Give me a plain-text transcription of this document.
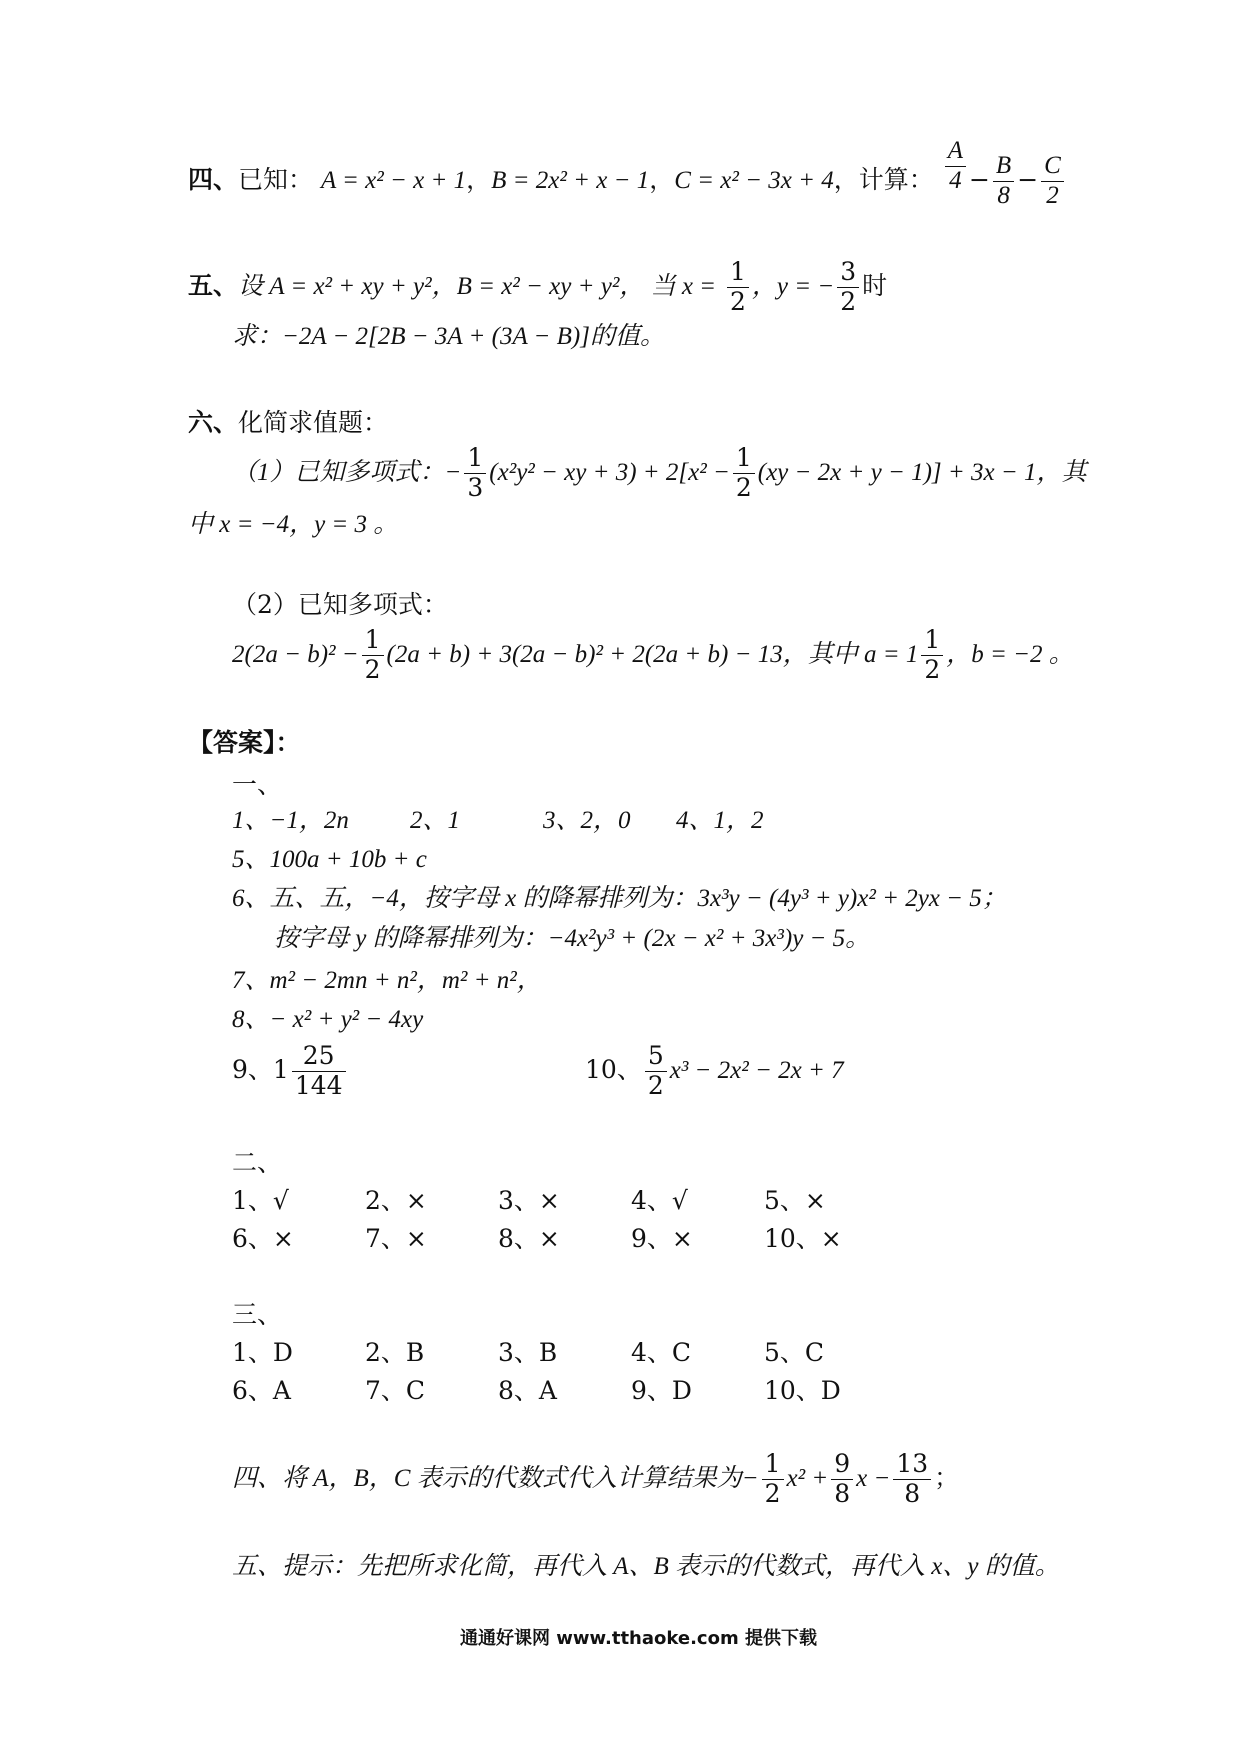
四、已知： A = x² − x + 1，B = 2x² + x − 1，C = x² − 3x + 4，计算： $\frac{A}{4} - \frac{B}{8} - \frac{C}{2}$
五、设 A = x² + xy + y²，B = x² − xy + y²， 当 $x = \frac{1}{2}$ ，y = − $\frac{3}{2}$ 时
求：−2A − 2[2B − 3A + (3A − B)]的值。
六、化简求值题：
（1）已知多项式：− $\frac{1}{3} (x^2y^2$ − xy + $3) + 2[x^2 - \frac{1}{2} (xy - 2x + y - 1)] + 3x - 1$，其
中 x = −4，y = 3 。
（2）已知多项式：
$2(2a - b)^2 - \frac{1}{2} (2a + b) + 3(2a - b)^2 + 2(2a + b) - 13$，其中 $a = 1 \frac{1}{2}$ ，b = −2 。
【答案】：
一、
1、−1，2n 2、1	3、2，0 4、1，2
5、100a + 10b + c
6、五、五，−4，按字母 x 的降幂排列为：3x³y − (4y³ + y)x² + 2yx − 5；
按字母 y 的降幂排列为：−4x²y³ + (2x − x² + 3x³)y − 5。
7、m² − 2mn + n²，m² + n²，
8、− x² + y² − 4xy
9、$1 \frac{25}{144}$	10、 $\frac{5}{2} x^3 - 2x^2 - 2x + 7$
二、
1、√	2、×	3、×	4、√	5、×
6、×	7、×	8、×	9、×	10、×
三、
1、D	2、B	3、B	4、C	5、C
6、A	7、C	8、A	9、D	10、D
四、将 A，B，C 表示的代数式代入计算结果为− $\frac{1}{2} x^2 + \frac{9}{8}$ $x - \frac{13}{8}$ ；
五、提示：先把所求化简，再代入 A、B 表示的代数式，再代入 x、y 的值。
通通好课网 www.tthaoke.com 提供下载
